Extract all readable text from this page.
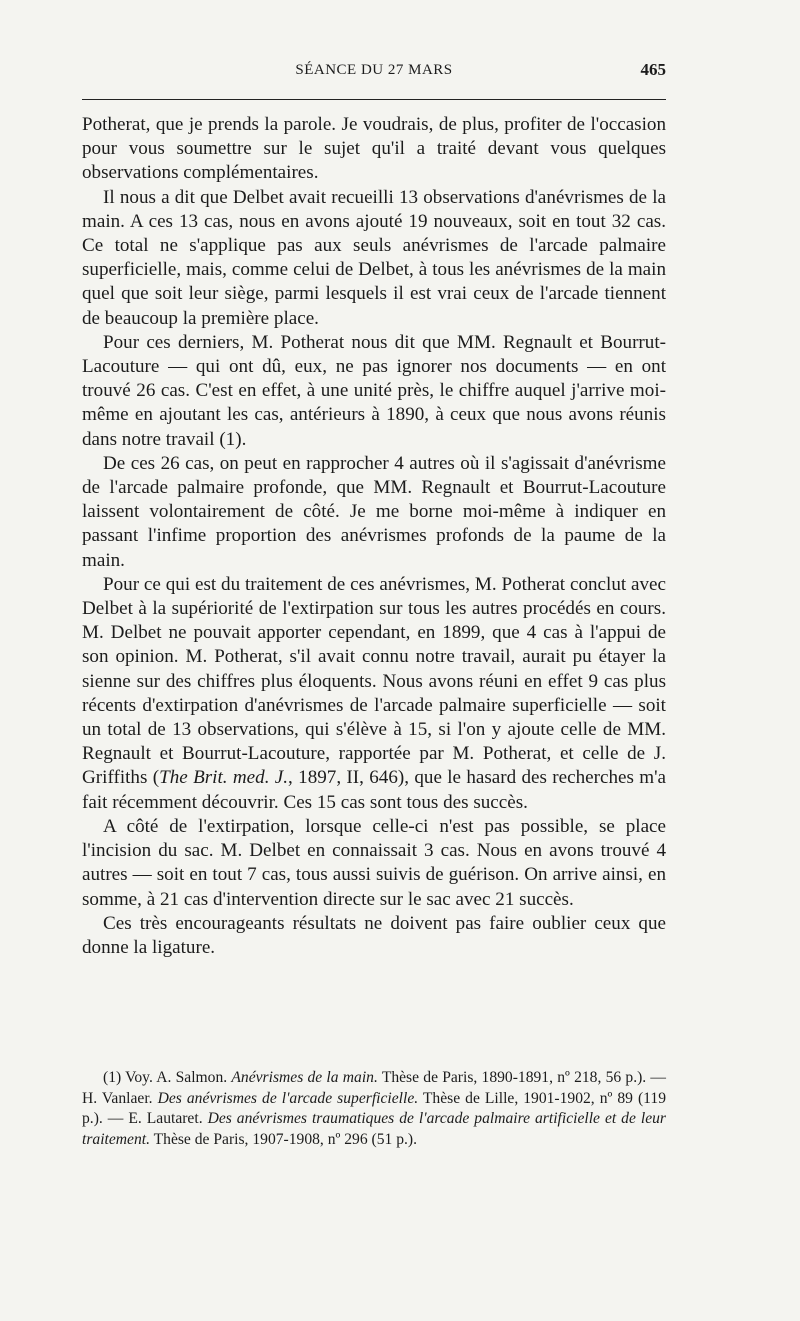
SÉANCE DU 27 MARS	465

Potherat, que je prends la parole. Je voudrais, de plus, profiter de l'occasion pour vous soumettre sur le sujet qu'il a traité devant vous quelques observations complémentaires.

Il nous a dit que Delbet avait recueilli 13 observations d'anévrismes de la main. A ces 13 cas, nous en avons ajouté 19 nouveaux, soit en tout 32 cas. Ce total ne s'applique pas aux seuls anévrismes de l'arcade palmaire superficielle, mais, comme celui de Delbet, à tous les anévrismes de la main quel que soit leur siège, parmi lesquels il est vrai ceux de l'arcade tiennent de beaucoup la première place.

Pour ces derniers, M. Potherat nous dit que MM. Regnault et Bourrut-Lacouture — qui ont dû, eux, ne pas ignorer nos documents — en ont trouvé 26 cas. C'est en effet, à une unité près, le chiffre auquel j'arrive moi-même en ajoutant les cas, antérieurs à 1890, à ceux que nous avons réunis dans notre travail (1).

De ces 26 cas, on peut en rapprocher 4 autres où il s'agissait d'anévrisme de l'arcade palmaire profonde, que MM. Regnault et Bourrut-Lacouture laissent volontairement de côté. Je me borne moi-même à indiquer en passant l'infime proportion des anévrismes profonds de la paume de la main.

Pour ce qui est du traitement de ces anévrismes, M. Potherat conclut avec Delbet à la supériorité de l'extirpation sur tous les autres procédés en cours. M. Delbet ne pouvait apporter cependant, en 1899, que 4 cas à l'appui de son opinion. M. Potherat, s'il avait connu notre travail, aurait pu étayer la sienne sur des chiffres plus éloquents. Nous avons réuni en effet 9 cas plus récents d'extirpation d'anévrismes de l'arcade palmaire superficielle — soit un total de 13 observations, qui s'élève à 15, si l'on y ajoute celle de MM. Regnault et Bourrut-Lacouture, rapportée par M. Potherat, et celle de J. Griffiths (The Brit. med. J., 1897, II, 646), que le hasard des recherches m'a fait récemment découvrir. Ces 15 cas sont tous des succès.

A côté de l'extirpation, lorsque celle-ci n'est pas possible, se place l'incision du sac. M. Delbet en connaissait 3 cas. Nous en avons trouvé 4 autres — soit en tout 7 cas, tous aussi suivis de guérison. On arrive ainsi, en somme, à 21 cas d'intervention directe sur le sac avec 21 succès.

Ces très encourageants résultats ne doivent pas faire oublier ceux que donne la ligature.

(1) Voy. A. Salmon. Anévrismes de la main. Thèse de Paris, 1890-1891, nº 218, 56 p.). — H. Vanlaer. Des anévrismes de l'arcade superficielle. Thèse de Lille, 1901-1902, nº 89 (119 p.). — E. Lautaret. Des anévrismes traumatiques de l'arcade palmaire artificielle et de leur traitement. Thèse de Paris, 1907-1908, nº 296 (51 p.).
